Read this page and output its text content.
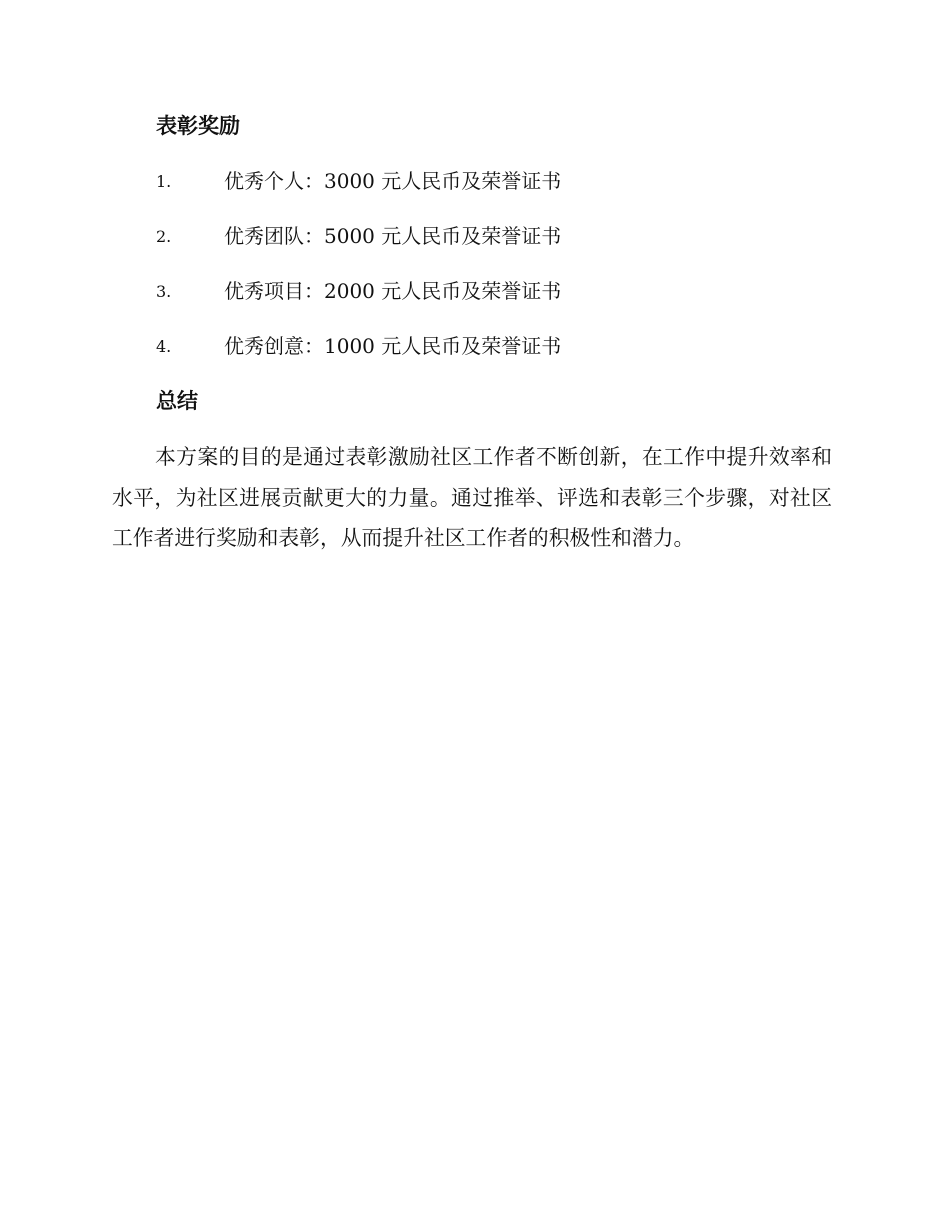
表彰奖励
1.	优秀个人：3000 元人民币及荣誉证书
2.	优秀团队：5000 元人民币及荣誉证书
3.	优秀项目：2000 元人民币及荣誉证书
4.	优秀创意：1000 元人民币及荣誉证书
总结

本方案的目的是通过表彰激励社区工作者不断创新，在工作中提升效率和水平，为社区进展贡献更大的力量。通过推举、评选和表彰三个步骤，对社区工作者进行奖励和表彰，从而提升社区工作者的积极性和潜力。
